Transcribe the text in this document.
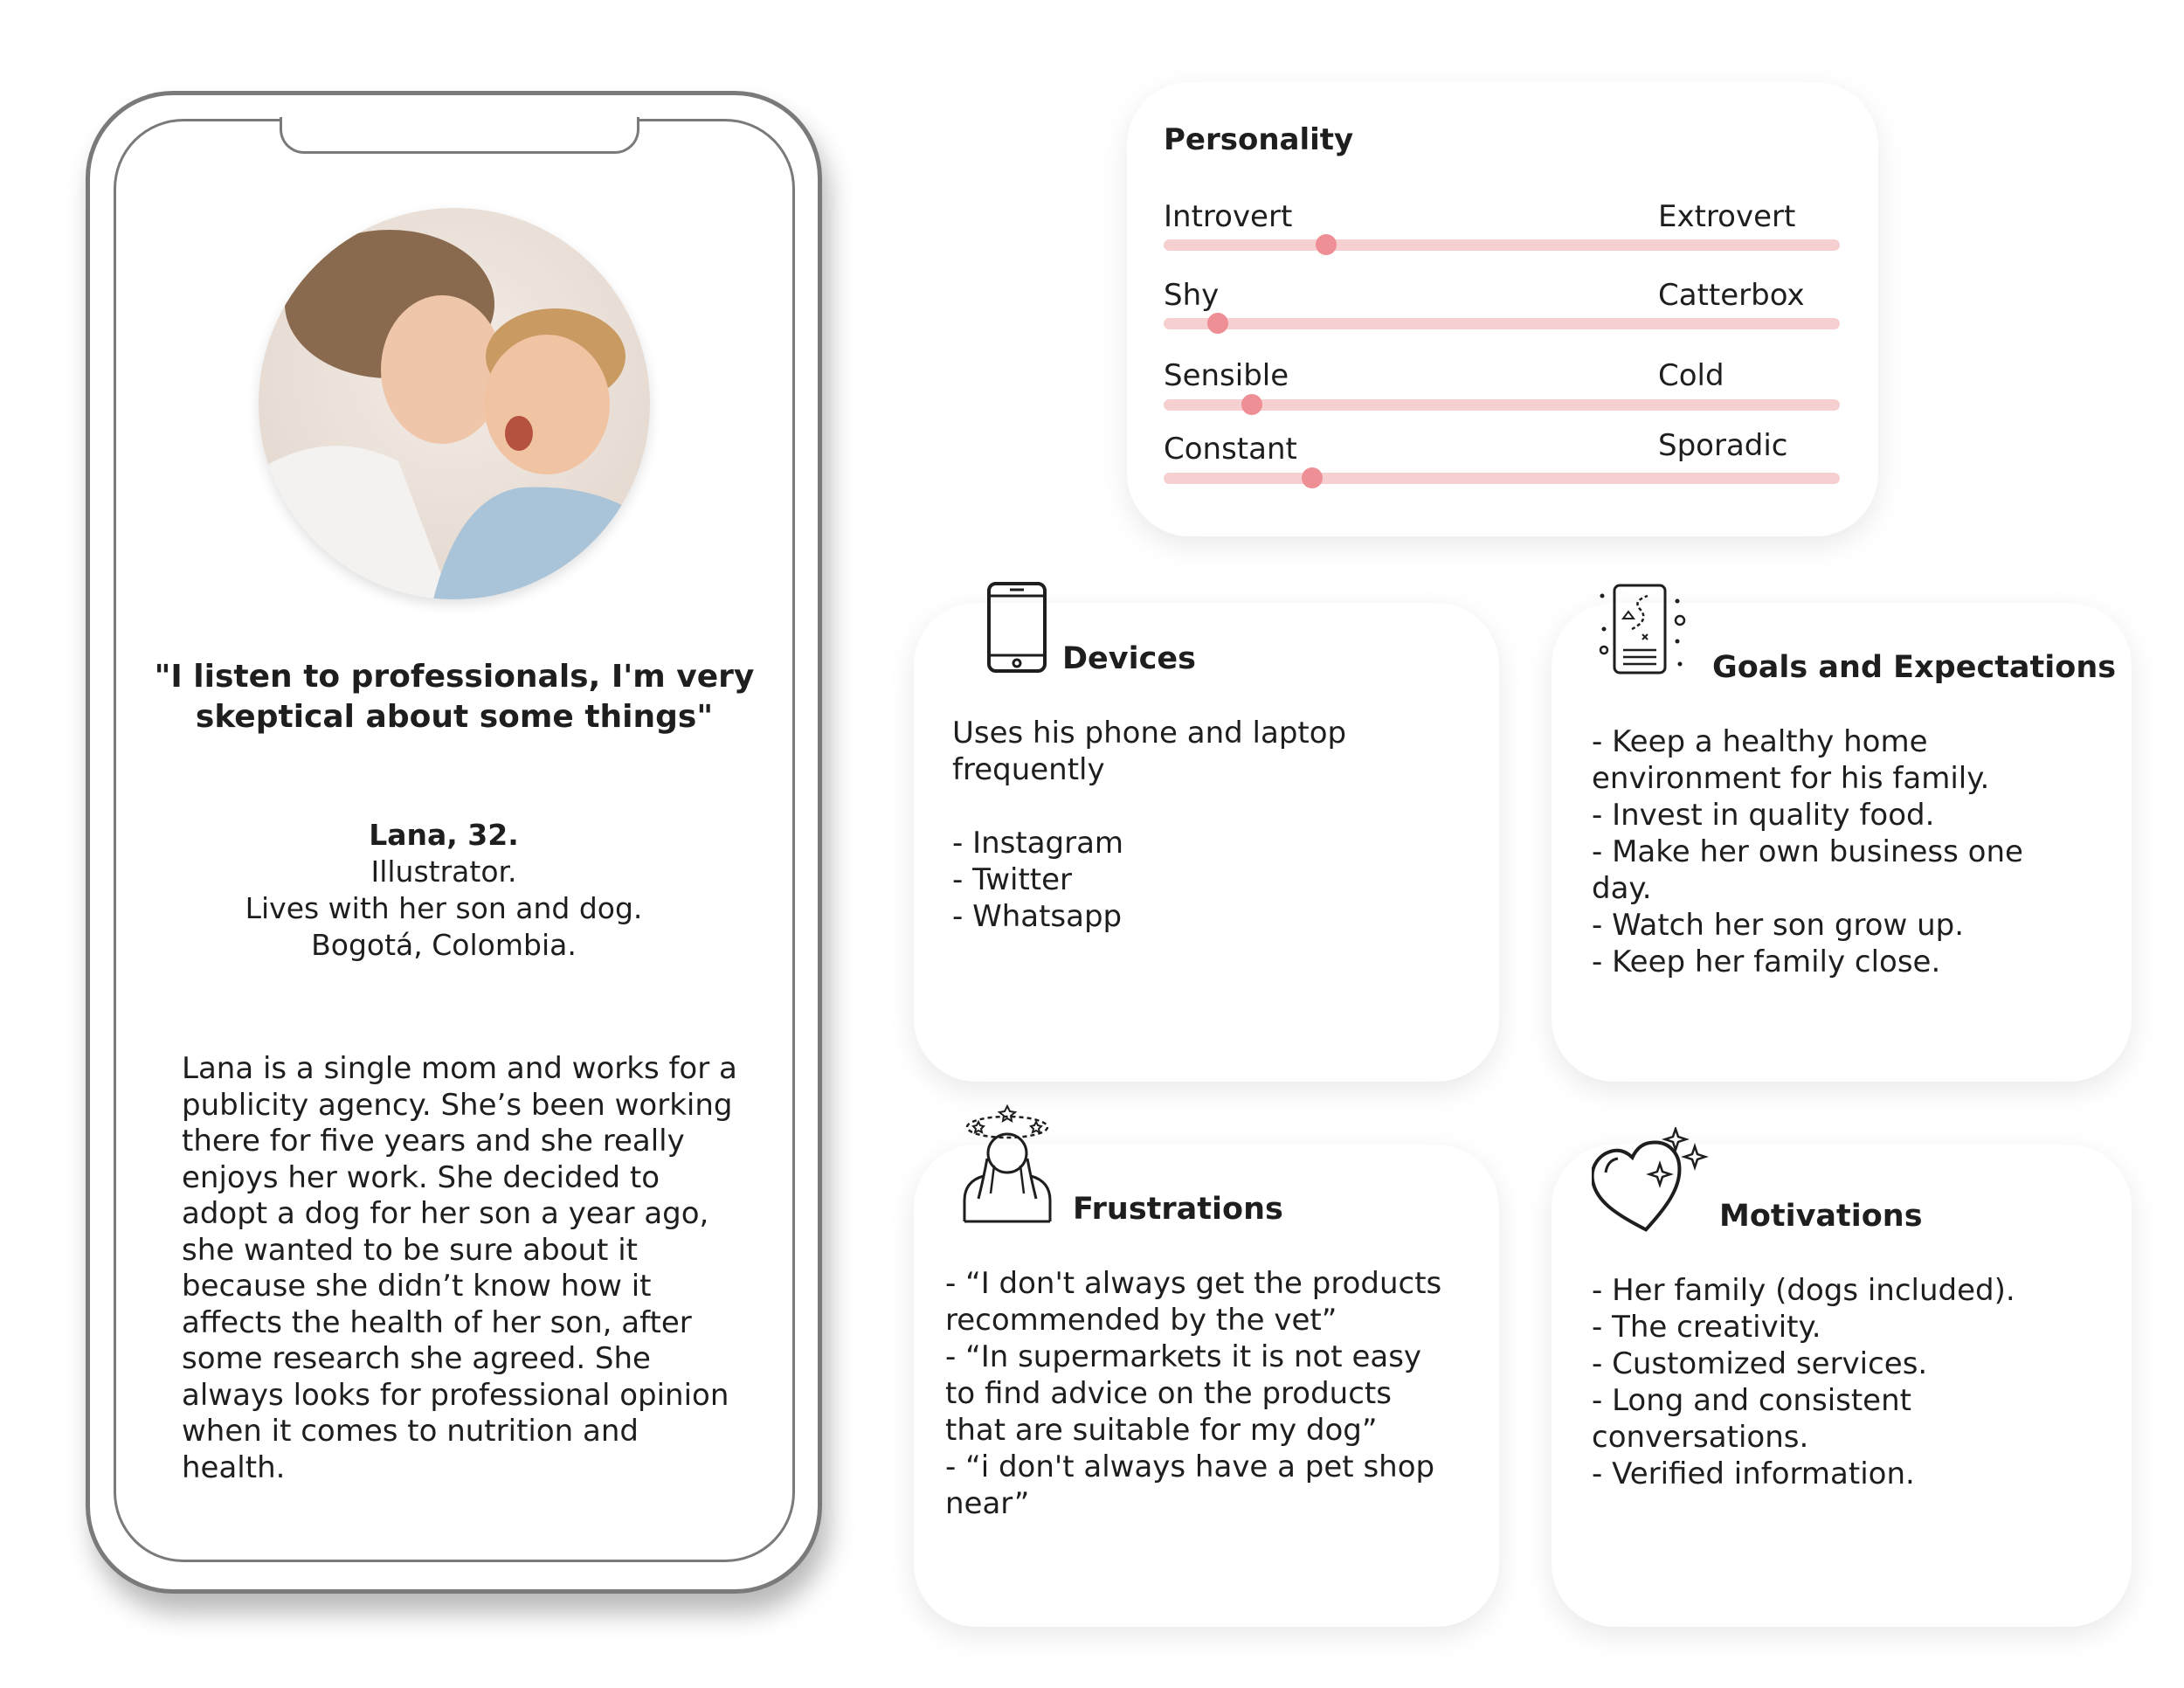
"I listen to professionals, I'm very skeptical about some things"
Lana, 32.
Illustrator.
Lives with her son and dog.
Bogotá, Colombia.
Lana is a single mom and works for a publicity agency. She’s been working there for five years and she really enjoys her work. She decided to adopt a dog for her son a year ago, she wanted to be sure about it because she didn’t know how it affects the health of her son, after some research she agreed. She always looks for professional opinion when it comes to nutrition and health.
Personality
Introvert	Extrovert
Shy	Catterbox
Sensible	Cold
Constant	Sporadic
Devices
Uses his phone and laptop
frequently

- Instagram
- Twitter
- Whatsapp
Goals and Expectations
- Keep a healthy home
environment for his family.
- Invest in quality food.
- Make her own business one
day.
- Watch her son grow up.
- Keep her family close.
Frustrations
- “I don't always get the products
recommended by the vet”
- “In supermarkets it is not easy
to find advice on the products
that are suitable for my dog”
- “i don't always have a pet shop
near”
Motivations
- Her family (dogs included).
- The creativity.
- Customized services.
- Long and consistent
conversations.
- Verified information.
